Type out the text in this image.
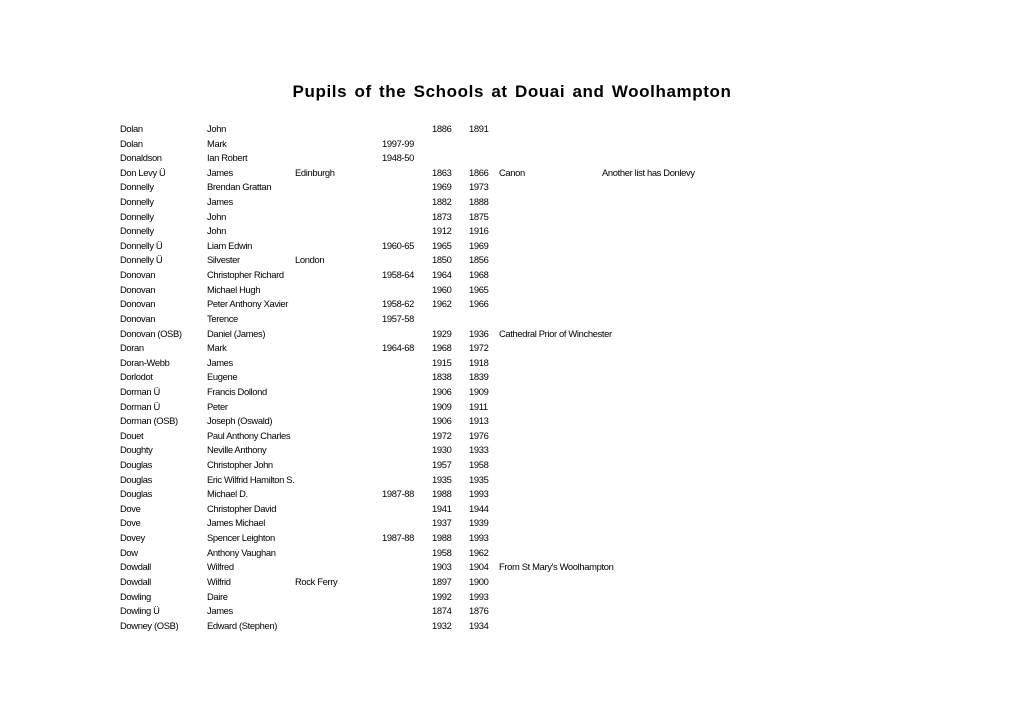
Pupils of the Schools at Douai and Woolhampton
Dolan	John	1886 1891
Dolan	Mark	1997-99
Donaldson	Ian Robert	1948-50
Don Levy Ü	James	Edinburgh	1863 1866 Canon	Another list has Donlevy
Donnelly	Brendan Grattan	1969 1973
Donnelly	James	1882 1888
Donnelly	John	1873 1875
Donnelly	John	1912 1916
Donnelly Ü	Liam Edwin	1960-65 1965 1969
Donnelly Ü	Silvester	London	1850 1856
Donovan	Christopher Richard	1958-64 1964 1968
Donovan	Michael Hugh	1960 1965
Donovan	Peter Anthony Xavier	1958-62 1962 1966
Donovan	Terence	1957-58
Donovan (OSB)	Daniel (James)	1929 1936 Cathedral Prior of Winchester
Doran	Mark	1964-68 1968 1972
Doran-Webb	James	1915 1918
Dorlodot	Eugene	1838 1839
Dorman Ü	Francis Dollond	1906 1909
Dorman Ü	Peter	1909 1911
Dorman (OSB)	Joseph (Oswald)	1906 1913
Douet	Paul Anthony Charles	1972 1976
Doughty	Neville Anthony	1930 1933
Douglas	Christopher John	1957 1958
Douglas	Eric Wilfrid Hamilton S.	1935 1935
Douglas	Michael D.	1987-88 1988 1993
Dove	Christopher David	1941 1944
Dove	James Michael	1937 1939
Dovey	Spencer Leighton	1987-88 1988 1993
Dow	Anthony Vaughan	1958 1962
Dowdall	Wilfred	1903 1904 From St Mary's Woolhampton
Dowdall	Wilfrid	Rock Ferry	1897 1900
Dowling	Daire	1992 1993
Dowling Ü	James	1874 1876
Downey (OSB)	Edward (Stephen)	1932 1934
